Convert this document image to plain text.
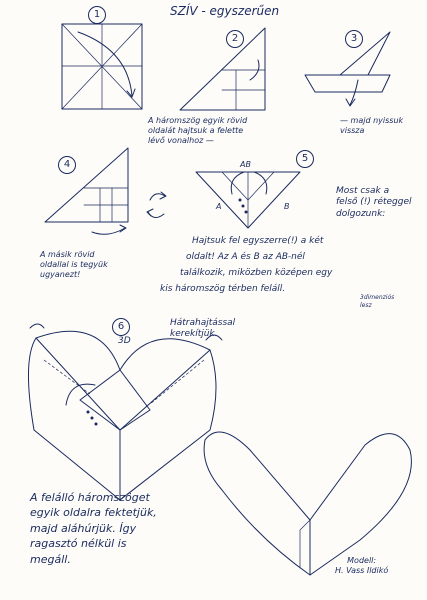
SZÍV - egyszerűen
1
2	3
4
5
6
A háromszög egyik rövid
oldalát hajtsuk a felette
lévő vonalhoz —
— majd nyissuk
vissza
A másik rövid
oldallal is tegyük
ugyanezt!
AB
A	B
Most csak a
felső (!) réteggel
dolgozunk:
Hajtsuk fel egyszerre(!) a két
oldalt! Az A és B az AB-nél
találkozik, miközben középen egy
kis háromszög térben feláll.
3dimenziós
lesz
Hátrahajtással
kerekítjük.
3D
A felálló háromszöget
egyik oldalra fektetjük,
majd aláhúrjük. Így
ragasztó nélkül is
megáll.	Modell:
H. Vass Ildikó
